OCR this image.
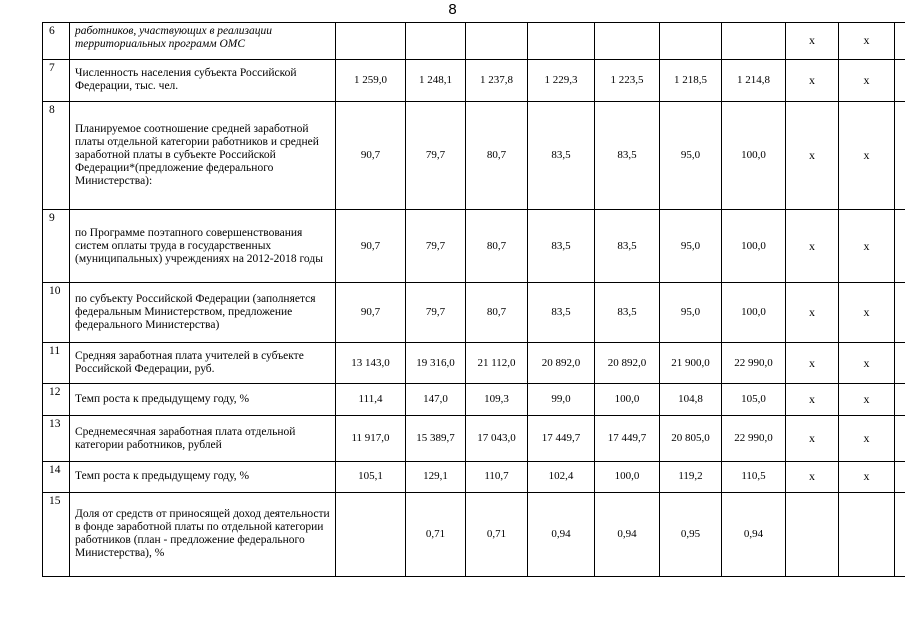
8
6	работников, участвующих в реализации территориальных программ ОМС								x	x	
7	Численность населения субъекта Российской Федерации, тыс. чел.	1 259,0	1 248,1	1 237,8	1 229,3	1 223,5	1 218,5	1 214,8	x	x	
8	Планируемое соотношение средней заработной платы отдельной категории работников и средней заработной платы в субъекте Российской Федерации*(предложение федерального Министерства):	90,7	79,7	80,7	83,5	83,5	95,0	100,0	x	x	
9	по Программе поэтапного совершенствования систем оплаты труда в государственных (муниципальных) учреждениях на 2012-2018 годы	90,7	79,7	80,7	83,5	83,5	95,0	100,0	x	x	
10	по субъекту Российской Федерации (заполняется федеральным Министерством, предложение федерального Министерства)	90,7	79,7	80,7	83,5	83,5	95,0	100,0	x	x	
11	Средняя заработная плата учителей в субъекте Российской Федерации, руб.	13 143,0	19 316,0	21 112,0	20 892,0	20 892,0	21 900,0	22 990,0	x	x	
12	Темп роста к предыдущему году, %	111,4	147,0	109,3	99,0	100,0	104,8	105,0	x	x	
13	Среднемесячная заработная плата отдельной категории работников, рублей	11 917,0	15 389,7	17 043,0	17 449,7	17 449,7	20 805,0	22 990,0	x	x	
14	Темп роста к предыдущему году, %	105,1	129,1	110,7	102,4	100,0	119,2	110,5	x	x	
15	Доля от средств от приносящей доход деятельности в фонде заработной платы по отдельной категории работников (план - предложение федерального Министерства), %		0,71	0,71	0,94	0,94	0,95	0,94			
